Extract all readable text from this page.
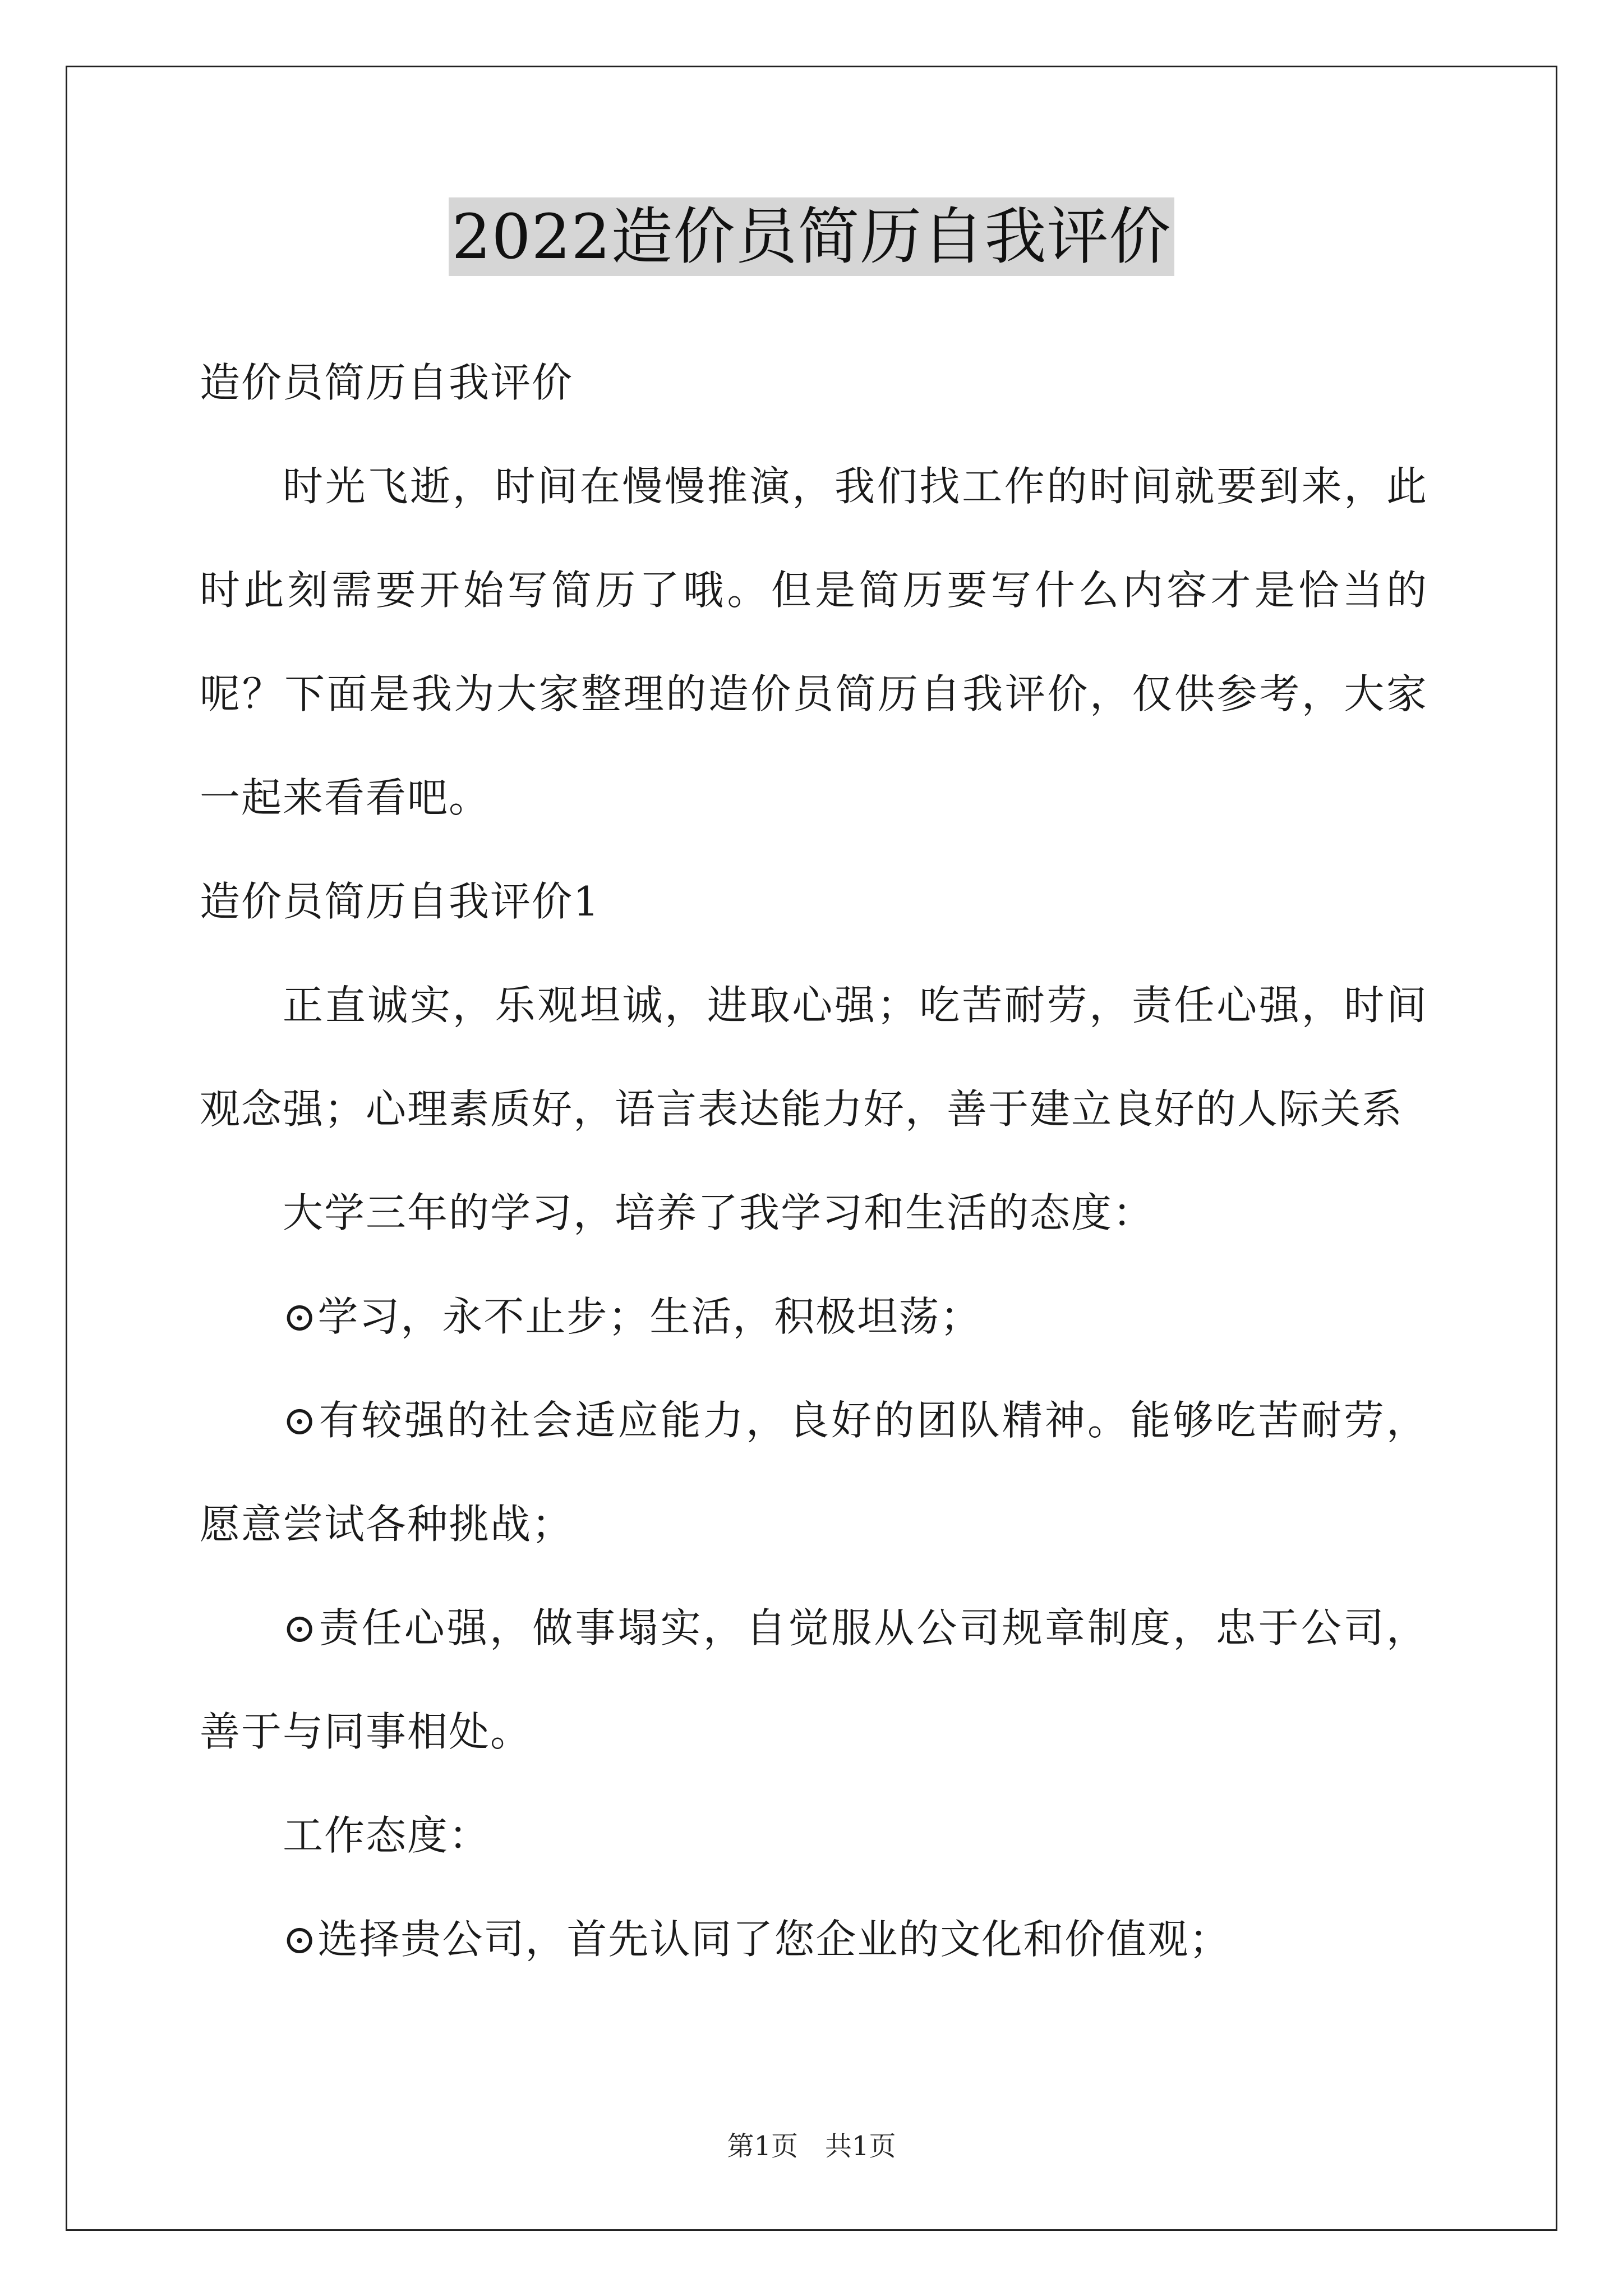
2022造价员简历自我评价

造价员简历自我评价

时光飞逝，时间在慢慢推演，我们找工作的时间就要到来，此时此刻需要开始写简历了哦。但是简历要写什么内容才是恰当的呢？下面是我为大家整理的造价员简历自我评价，仅供参考，大家一起来看看吧。

造价员简历自我评价1

正直诚实，乐观坦诚，进取心强；吃苦耐劳，责任心强，时间观念强；心理素质好，语言表达能力好，善于建立良好的人际关系

大学三年的学习，培养了我学习和生活的态度：

⊙学习，永不止步；生活，积极坦荡；

⊙有较强的社会适应能力，良好的团队精神。能够吃苦耐劳，愿意尝试各种挑战；

⊙责任心强，做事塌实，自觉服从公司规章制度，忠于公司，善于与同事相处。

工作态度：

⊙选择贵公司，首先认同了您企业的文化和价值观；

第1页 共1页
